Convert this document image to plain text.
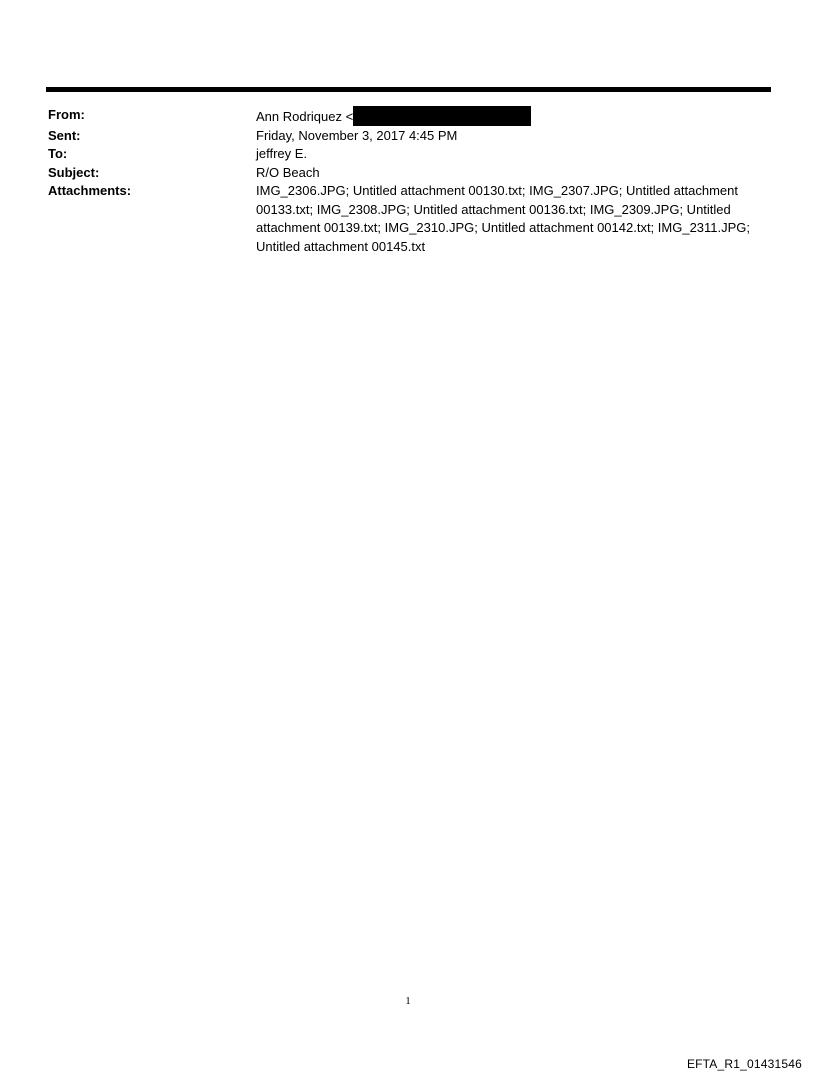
From:	Ann Rodriquez <
Sent:	Friday, November 3, 2017 4:45 PM
To:	jeffrey E.
Subject:	R/O Beach
Attachments:	IMG_2306.JPG; Untitled attachment 00130.txt; IMG_2307.JPG; Untitled attachment 00133.txt; IMG_2308.JPG; Untitled attachment 00136.txt; IMG_2309.JPG; Untitled attachment 00139.txt; IMG_2310.JPG; Untitled attachment 00142.txt; IMG_2311.JPG; Untitled attachment 00145.txt
1
EFTA_R1_01431546
